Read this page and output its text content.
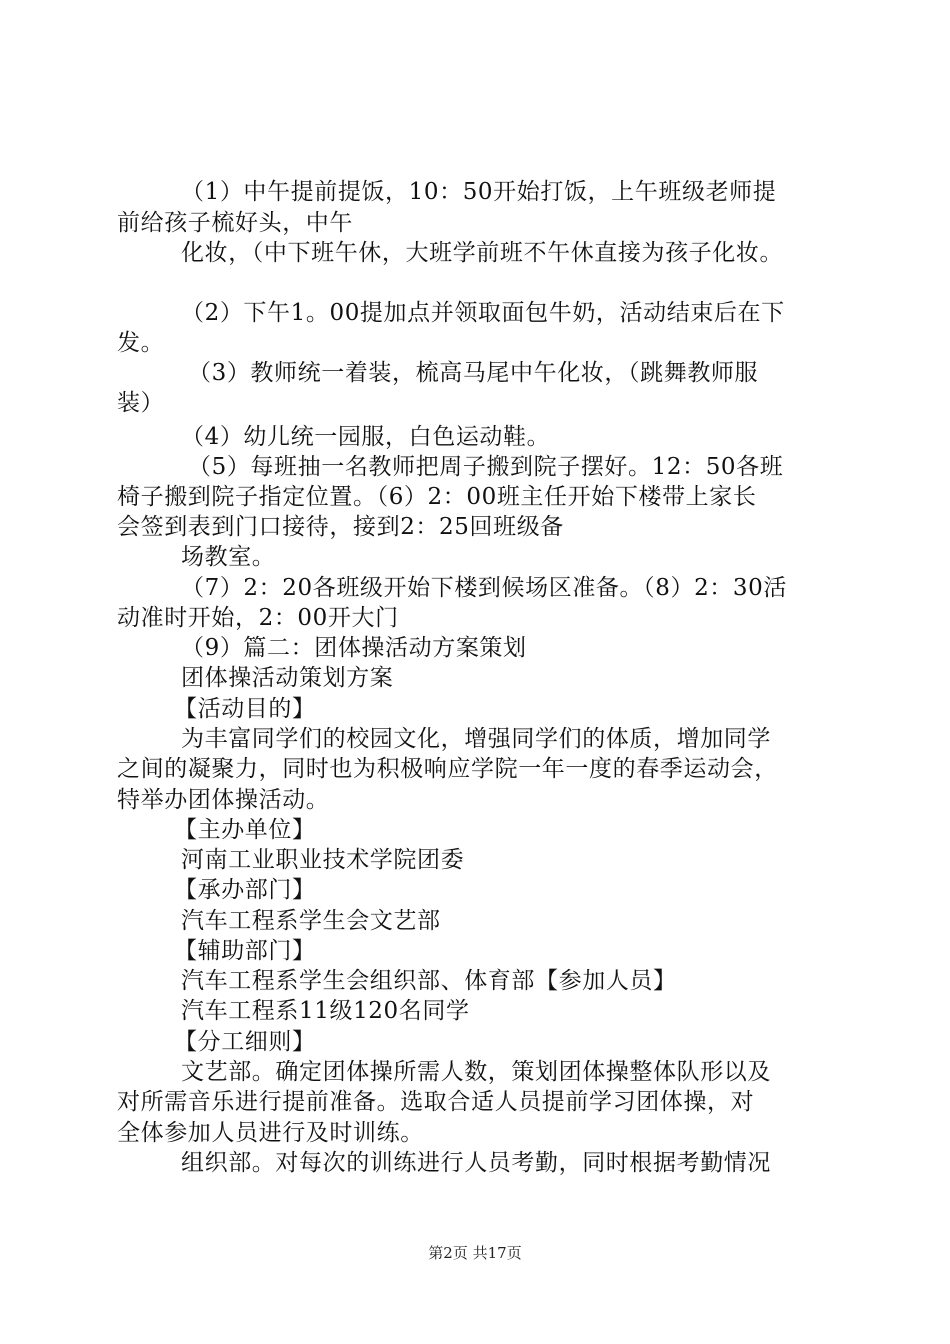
（1）中午提前提饭，10：50开始打饭，上午班级老师提
前给孩子梳好头，中午
化妆，（中下班午休，大班学前班不午休直接为孩子化妆。
（2）下午1。00提加点并领取面包牛奶，活动结束后在下
发。
（3）教师统一着装，梳高马尾中午化妆，（跳舞教师服
装）
（4）幼儿统一园服，白色运动鞋。
（5）每班抽一名教师把周子搬到院子摆好。12：50各班
椅子搬到院子指定位置。（6）2：00班主任开始下楼带上家长
会签到表到门口接待，接到2：25回班级备
场教室。
（7）2：20各班级开始下楼到候场区准备。（8）2：30活
动准时开始，2：00开大门
（9）篇二：团体操活动方案策划
团体操活动策划方案
【活动目的】
为丰富同学们的校园文化，增强同学们的体质，增加同学
之间的凝聚力，同时也为积极响应学院一年一度的春季运动会，
特举办团体操活动。
【主办单位】
河南工业职业技术学院团委
【承办部门】
汽车工程系学生会文艺部
【辅助部门】
汽车工程系学生会组织部、体育部【参加人员】
汽车工程系11级120名同学
【分工细则】
文艺部。确定团体操所需人数，策划团体操整体队形以及
对所需音乐进行提前准备。选取合适人员提前学习团体操，对
全体参加人员进行及时训练。
组织部。对每次的训练进行人员考勤，同时根据考勤情况
第2页 共17页
